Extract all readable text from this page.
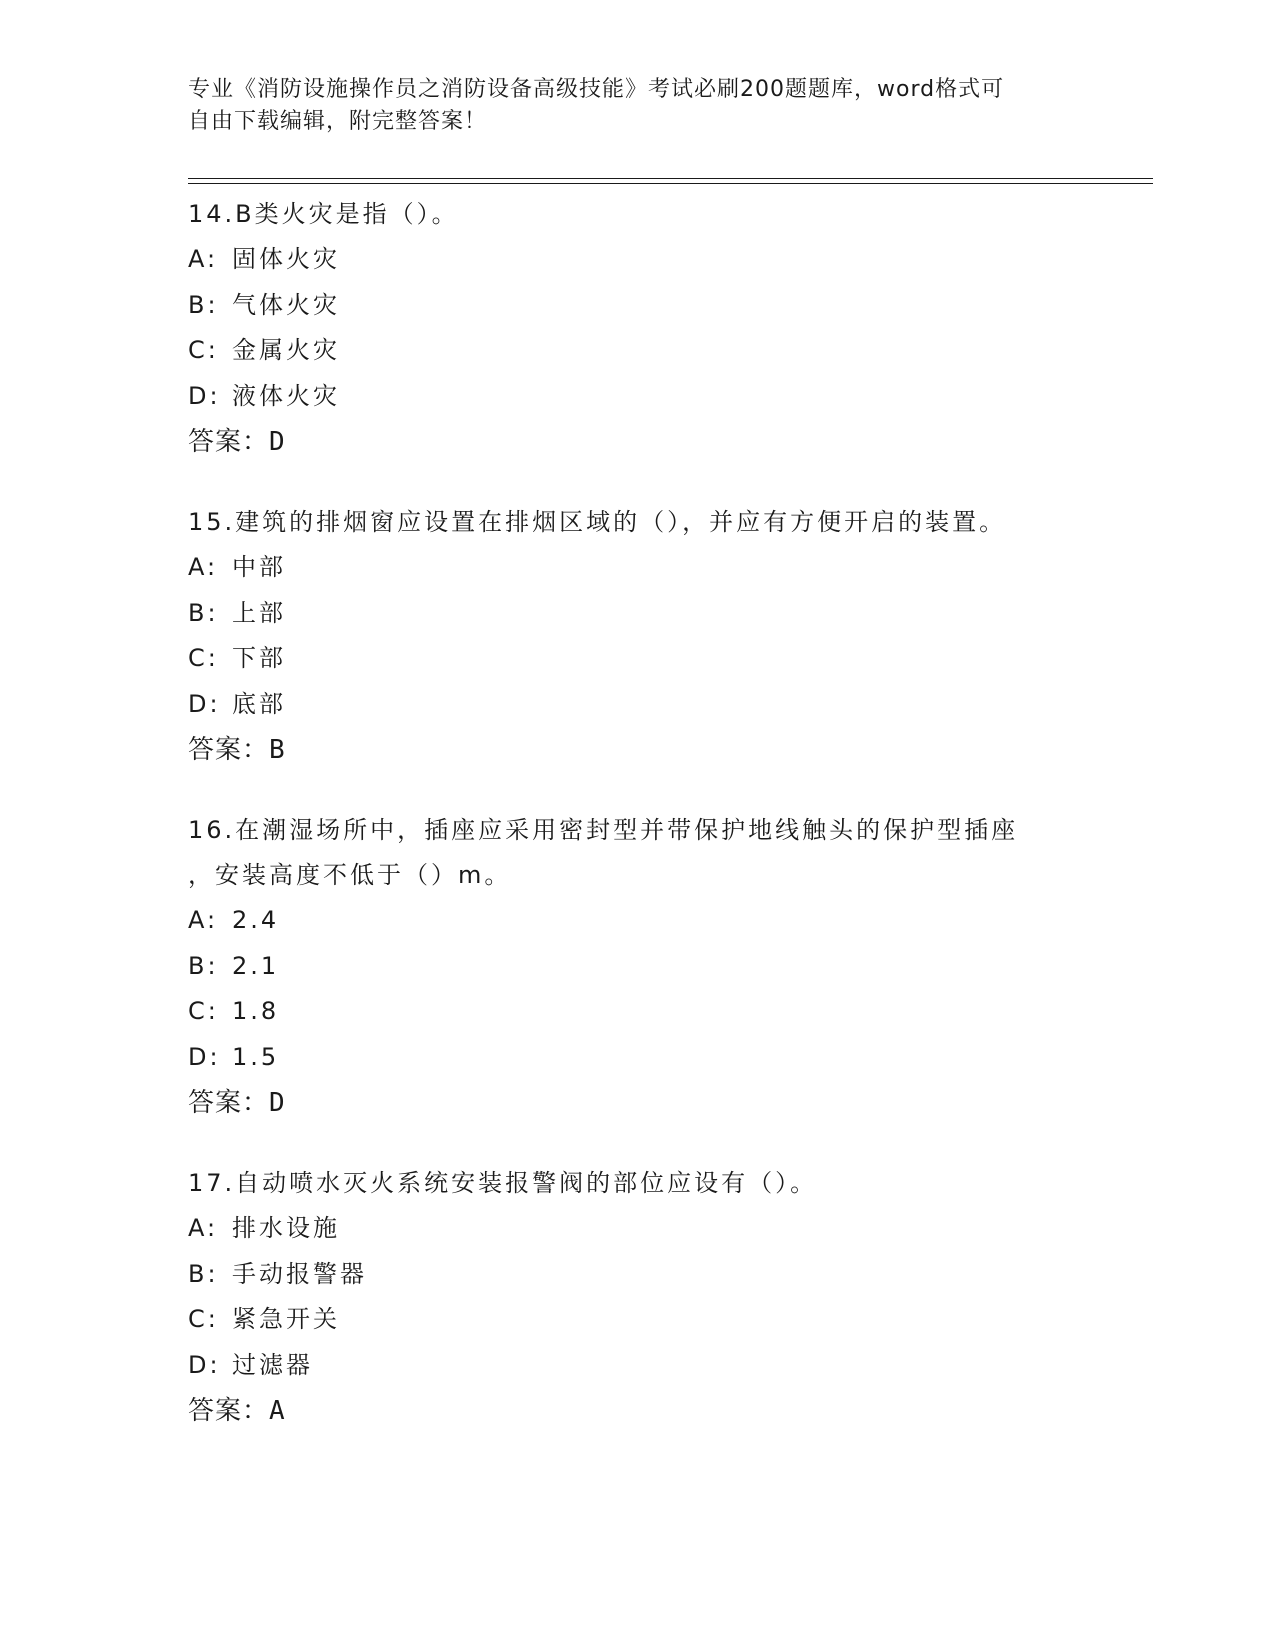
专业《消防设施操作员之消防设备高级技能》考试必刷200题题库，word格式可
自由下载编辑，附完整答案！
14.B类火灾是指（）。
A: 固体火灾
B: 气体火灾
C: 金属火灾
D: 液体火灾
答案：D
15.建筑的排烟窗应设置在排烟区域的（），并应有方便开启的装置。
A: 中部
B: 上部
C: 下部
D: 底部
答案：B
16.在潮湿场所中，插座应采用密封型并带保护地线触头的保护型插座
，安装高度不低于（）m。
A: 2.4
B: 2.1
C: 1.8
D: 1.5
答案：D
17.自动喷水灭火系统安装报警阀的部位应设有（）。
A: 排水设施
B: 手动报警器
C: 紧急开关
D: 过滤器
答案：A
